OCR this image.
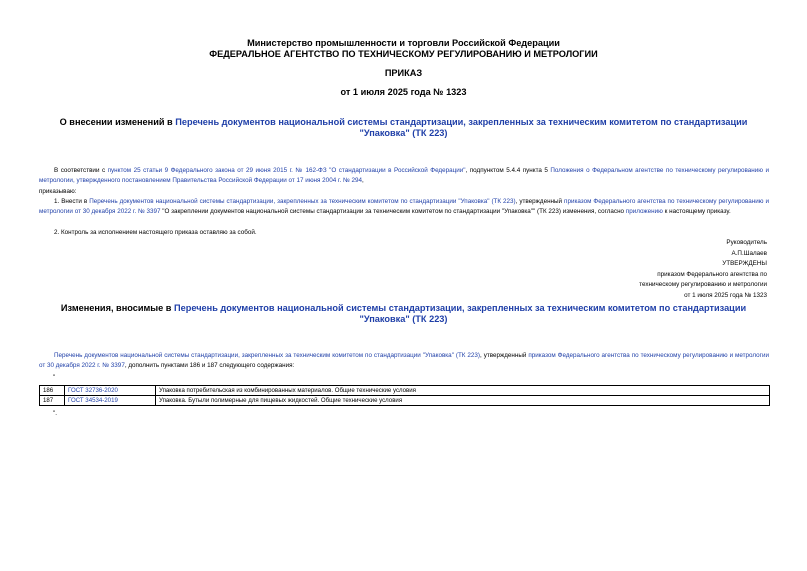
Министерство промышленности и торговли Российской Федерации
ФЕДЕРАЛЬНОЕ АГЕНТСТВО ПО ТЕХНИЧЕСКОМУ РЕГУЛИРОВАНИЮ И МЕТРОЛОГИИ
ПРИКАЗ
от 1 июля 2025 года № 1323
О внесении изменений в Перечень документов национальной системы стандартизации, закрепленных за техническим комитетом по стандартизации "Упаковка" (ТК 223)
В соответствии с пунктом 25 статьи 9 Федерального закона от 29 июня 2015 г. № 162-ФЗ "О стандартизации в Российской Федерации", подпунктом 5.4.4 пункта 5 Положения о Федеральном агентстве по техническому регулированию и метрологии, утвержденного постановлением Правительства Российской Федерации от 17 июня 2004 г. № 294,
приказываю:
1. Внести в Перечень документов национальной системы стандартизации, закрепленных за техническим комитетом по стандартизации "Упаковка" (ТК 223), утвержденный приказом Федерального агентства по техническому регулированию и метрологии от 30 декабря 2022 г. № 3397 "О закреплении документов национальной системы стандартизации за техническим комитетом по стандартизации "Упаковка"" (ТК 223) изменения, согласно приложению к настоящему приказу.
2. Контроль за исполнением настоящего приказа оставляю за собой.
Руководитель
А.П.Шалаев
УТВЕРЖДЕНЫ
приказом Федерального агентства по
техническому регулированию и метрологии
от 1 июля 2025 года № 1323
Изменения, вносимые в Перечень документов национальной системы стандартизации, закрепленных за техническим комитетом по стандартизации "Упаковка" (ТК 223)
Перечень документов национальной системы стандартизации, закрепленных за техническим комитетом по стандартизации "Упаковка" (ТК 223), утвержденный приказом Федерального агентства по техническому регулированию и метрологии от 30 декабря 2022 г. № 3397, дополнить пунктами 186 и 187 следующего содержания:
"
186	ГОСТ 32736-2020	Упаковка потребительская из комбинированных материалов. Общие технические условия
187	ГОСТ 34534-2019	Упаковка. Бутыли полимерные для пищевых жидкостей. Общие технические условия
".
